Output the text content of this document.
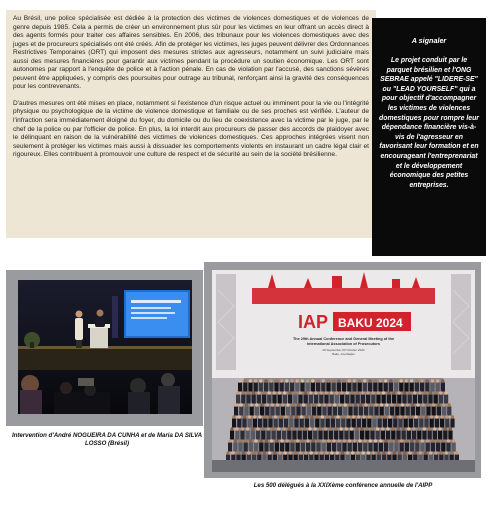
Au Brésil, une police spécialisée est dédiée à la protection des victimes de violences domestiques et de violences de genre depuis 1985. Cela a permis de créer un environnement plus sûr pour les victimes en leur offrant un accès direct à des agents formés pour traiter ces affaires sensibles. En 2006, des tribunaux pour les violences domestiques avec des juges et de procureurs spécialisés ont été créés. Afin de protéger les victimes, les juges peuvent délivrer des Ordonnances Restrictives Temporaires (ORT) qui imposent des mesures strictes aux agresseurs, notamment un suivi judiciaire mais aussi des mesures financières pour garantir aux victimes pendant la procédure un soutien économique. Les ORT sont autonomes par rapport à l'enquête de police et à l'action pénale. En cas de violation par l'accusé, des sanctions sévères peuvent être appliquées, y compris des poursuites pour outrage au tribunal, renforçant ainsi la gravité des conséquences pour les contrevenants.

D'autres mesures ont été mises en place, notamment si l'existence d'un risque actuel ou imminent pour la vie ou l'intégrité physique ou psychologique de la victime de violence domestique et familiale ou de ses proches est vérifiée. L'auteur de l'infraction sera immédiatement éloigné du foyer, du domicile ou du lieu de coexistence avec la victime par le juge, par le chef de la police ou par l'officier de police. En plus, la loi interdit aux procureurs de passer des accords de plaidoyer avec le délinquant en raison de la vulnérabilité des victimes de violences domestiques. Ces approches intégrées visent non seulement à protéger les victimes mais aussi à dissuader les comportements violents en instaurant un cadre légal clair et rigoureux. Elles contribuent à promouvoir une culture de respect et de sécurité au sein de la société brésilienne.

A signaler
Le projet conduit par le parquet brésilien et l'ONG SEBRAE appelé "LIDERE-SE" ou "LEAD YOURSELF" qui a pour objectif d'accompagner les victimes de violences domestiques pour rompre leur dépendance financière vis-à-vis de l'agresseur en favorisant leur formation et en encourageant l'entreprenariat et le développement économique des petites entreprises.
Intervention d'André NOGUEIRA DA CUNHA et de Maria DA SILVA LOSSO (Brésil)
IAP BAKU 2024
The 29th Annual Conference and General Meeting of the
International Association of Prosecutors
29 September-03 October 2024
Baku, Azerbaijan
Les 500 délégués à la XXIXème conférence annuelle de l'AIPP
